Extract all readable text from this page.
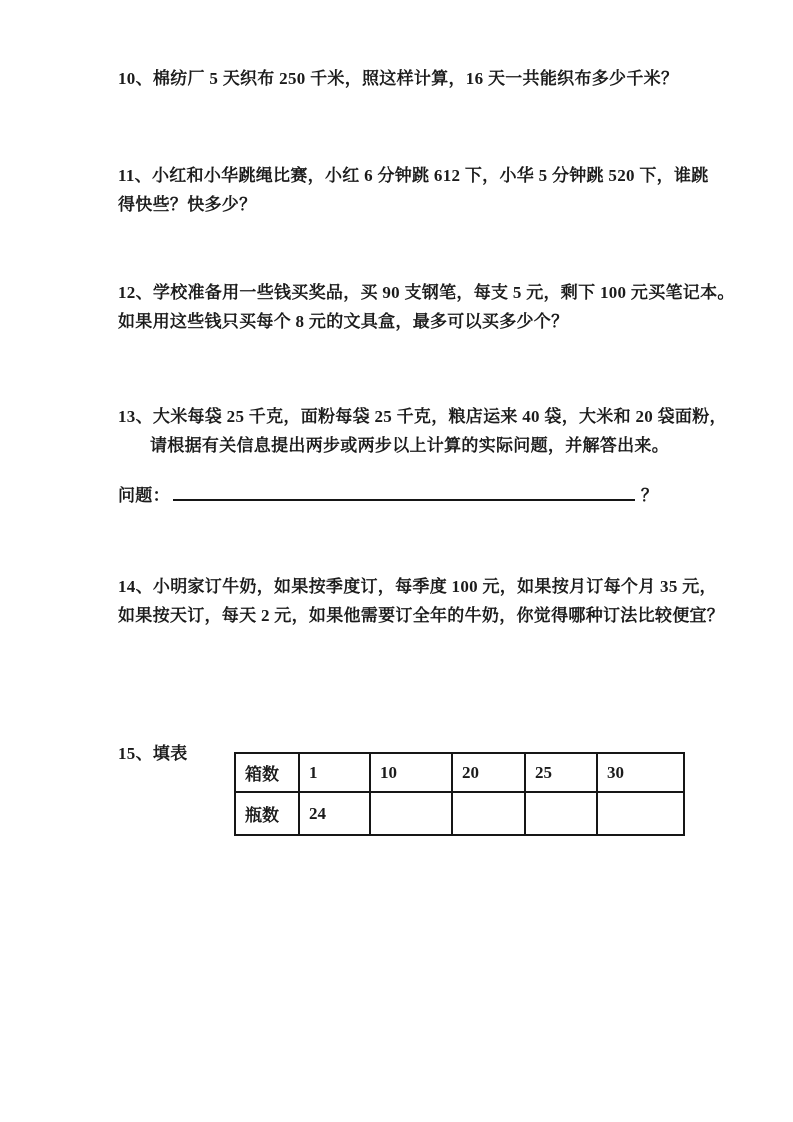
10、棉纺厂 5 天织布 250 千米，照这样计算，16 天一共能织布多少千米？
11、小红和小华跳绳比赛，小红 6 分钟跳 612 下，小华 5 分钟跳 520 下，谁跳
得快些？快多少？
12、学校准备用一些钱买奖品，买 90 支钢笔，每支 5 元，剩下 100 元买笔记本。
如果用这些钱只买每个 8 元的文具盒，最多可以买多少个？
13、大米每袋 25 千克，面粉每袋 25 千克，粮店运来 40 袋，大米和 20 袋面粉，
请根据有关信息提出两步或两步以上计算的实际问题，并解答出来。
问题：	？
14、小明家订牛奶，如果按季度订，每季度 100 元，如果按月订每个月 35 元，
如果按天订，每天 2 元，如果他需要订全年的牛奶，你觉得哪种订法比较便宜？
15、填表
箱数	1	10	20	25	30
瓶数	24				
